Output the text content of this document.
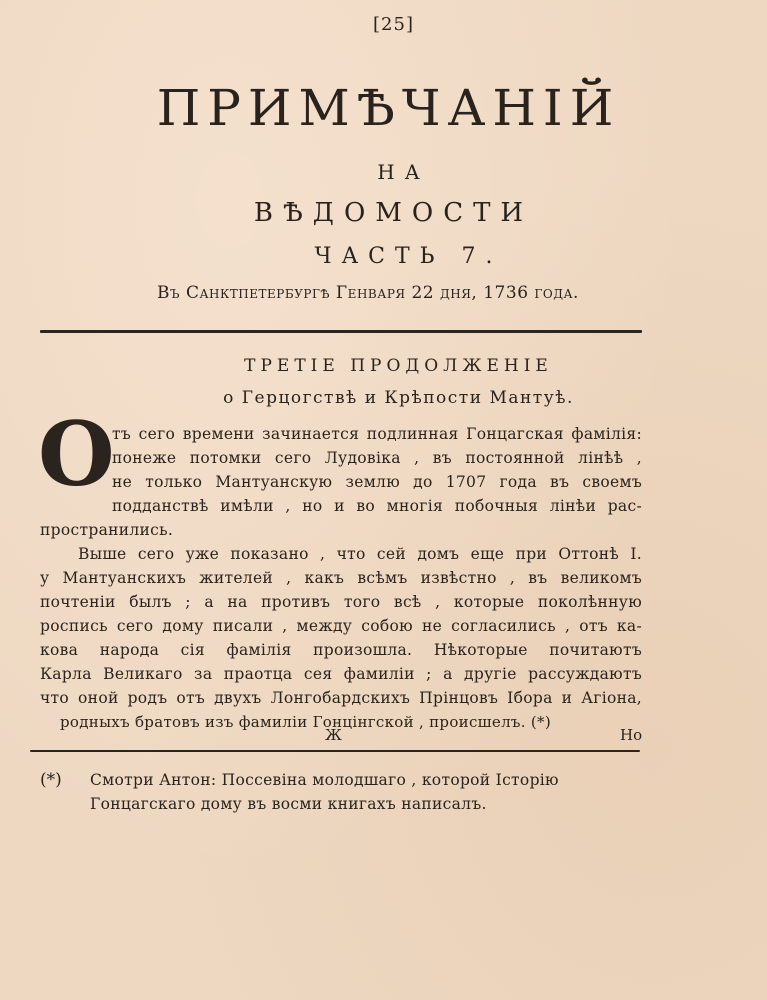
[25]
ПРИМѢЧАНІЙ
НА
ВѢДОМОСТИ
ЧАСТЬ 7.
Въ Санктпетербургѣ Генваря 22 дня, 1736 года.
ТРЕТІЕ ПРОДОЛЖЕНІЕ
о Герцогствѣ и Крѣпости Мантуѣ.
О
тъ сего времени зачинается подлинная Гонцагская фамілія:
понеже потомки сего Лудовіка , въ постоянной лінѣѣ ,
не только Мантуанскую землю до 1707 года въ своемъ
подданствѣ имѣли , но и во многія побочныя лінѣи рас-
пространились.
Выше сего уже показано , что сей домъ еще при Оттонѣ I.
у Мантуанскихъ жителей , какъ всѣмъ извѣстно , въ великомъ
почтеніи былъ ; а на противъ того всѣ , которые поколѣнную
роспись сего дому писали , между собою не согласились , отъ ка-
кова народа сія фамілія произошла. Нѣкоторые почитаютъ
Карла Великаго за праотца сея фамиліи ; а другіе рассуждаютъ
что оной родъ отъ двухъ Лонгобардскихъ Прінцовъ Ібора и Агіона,
родныхъ братовъ изъ фамиліи Гонцінгской , происшелъ. (*)
Ж	Но
(*) Смотри Антон: Поссевіна молодшаго , которой Історію
Гонцагскаго дому въ восми книгахъ написалъ.
